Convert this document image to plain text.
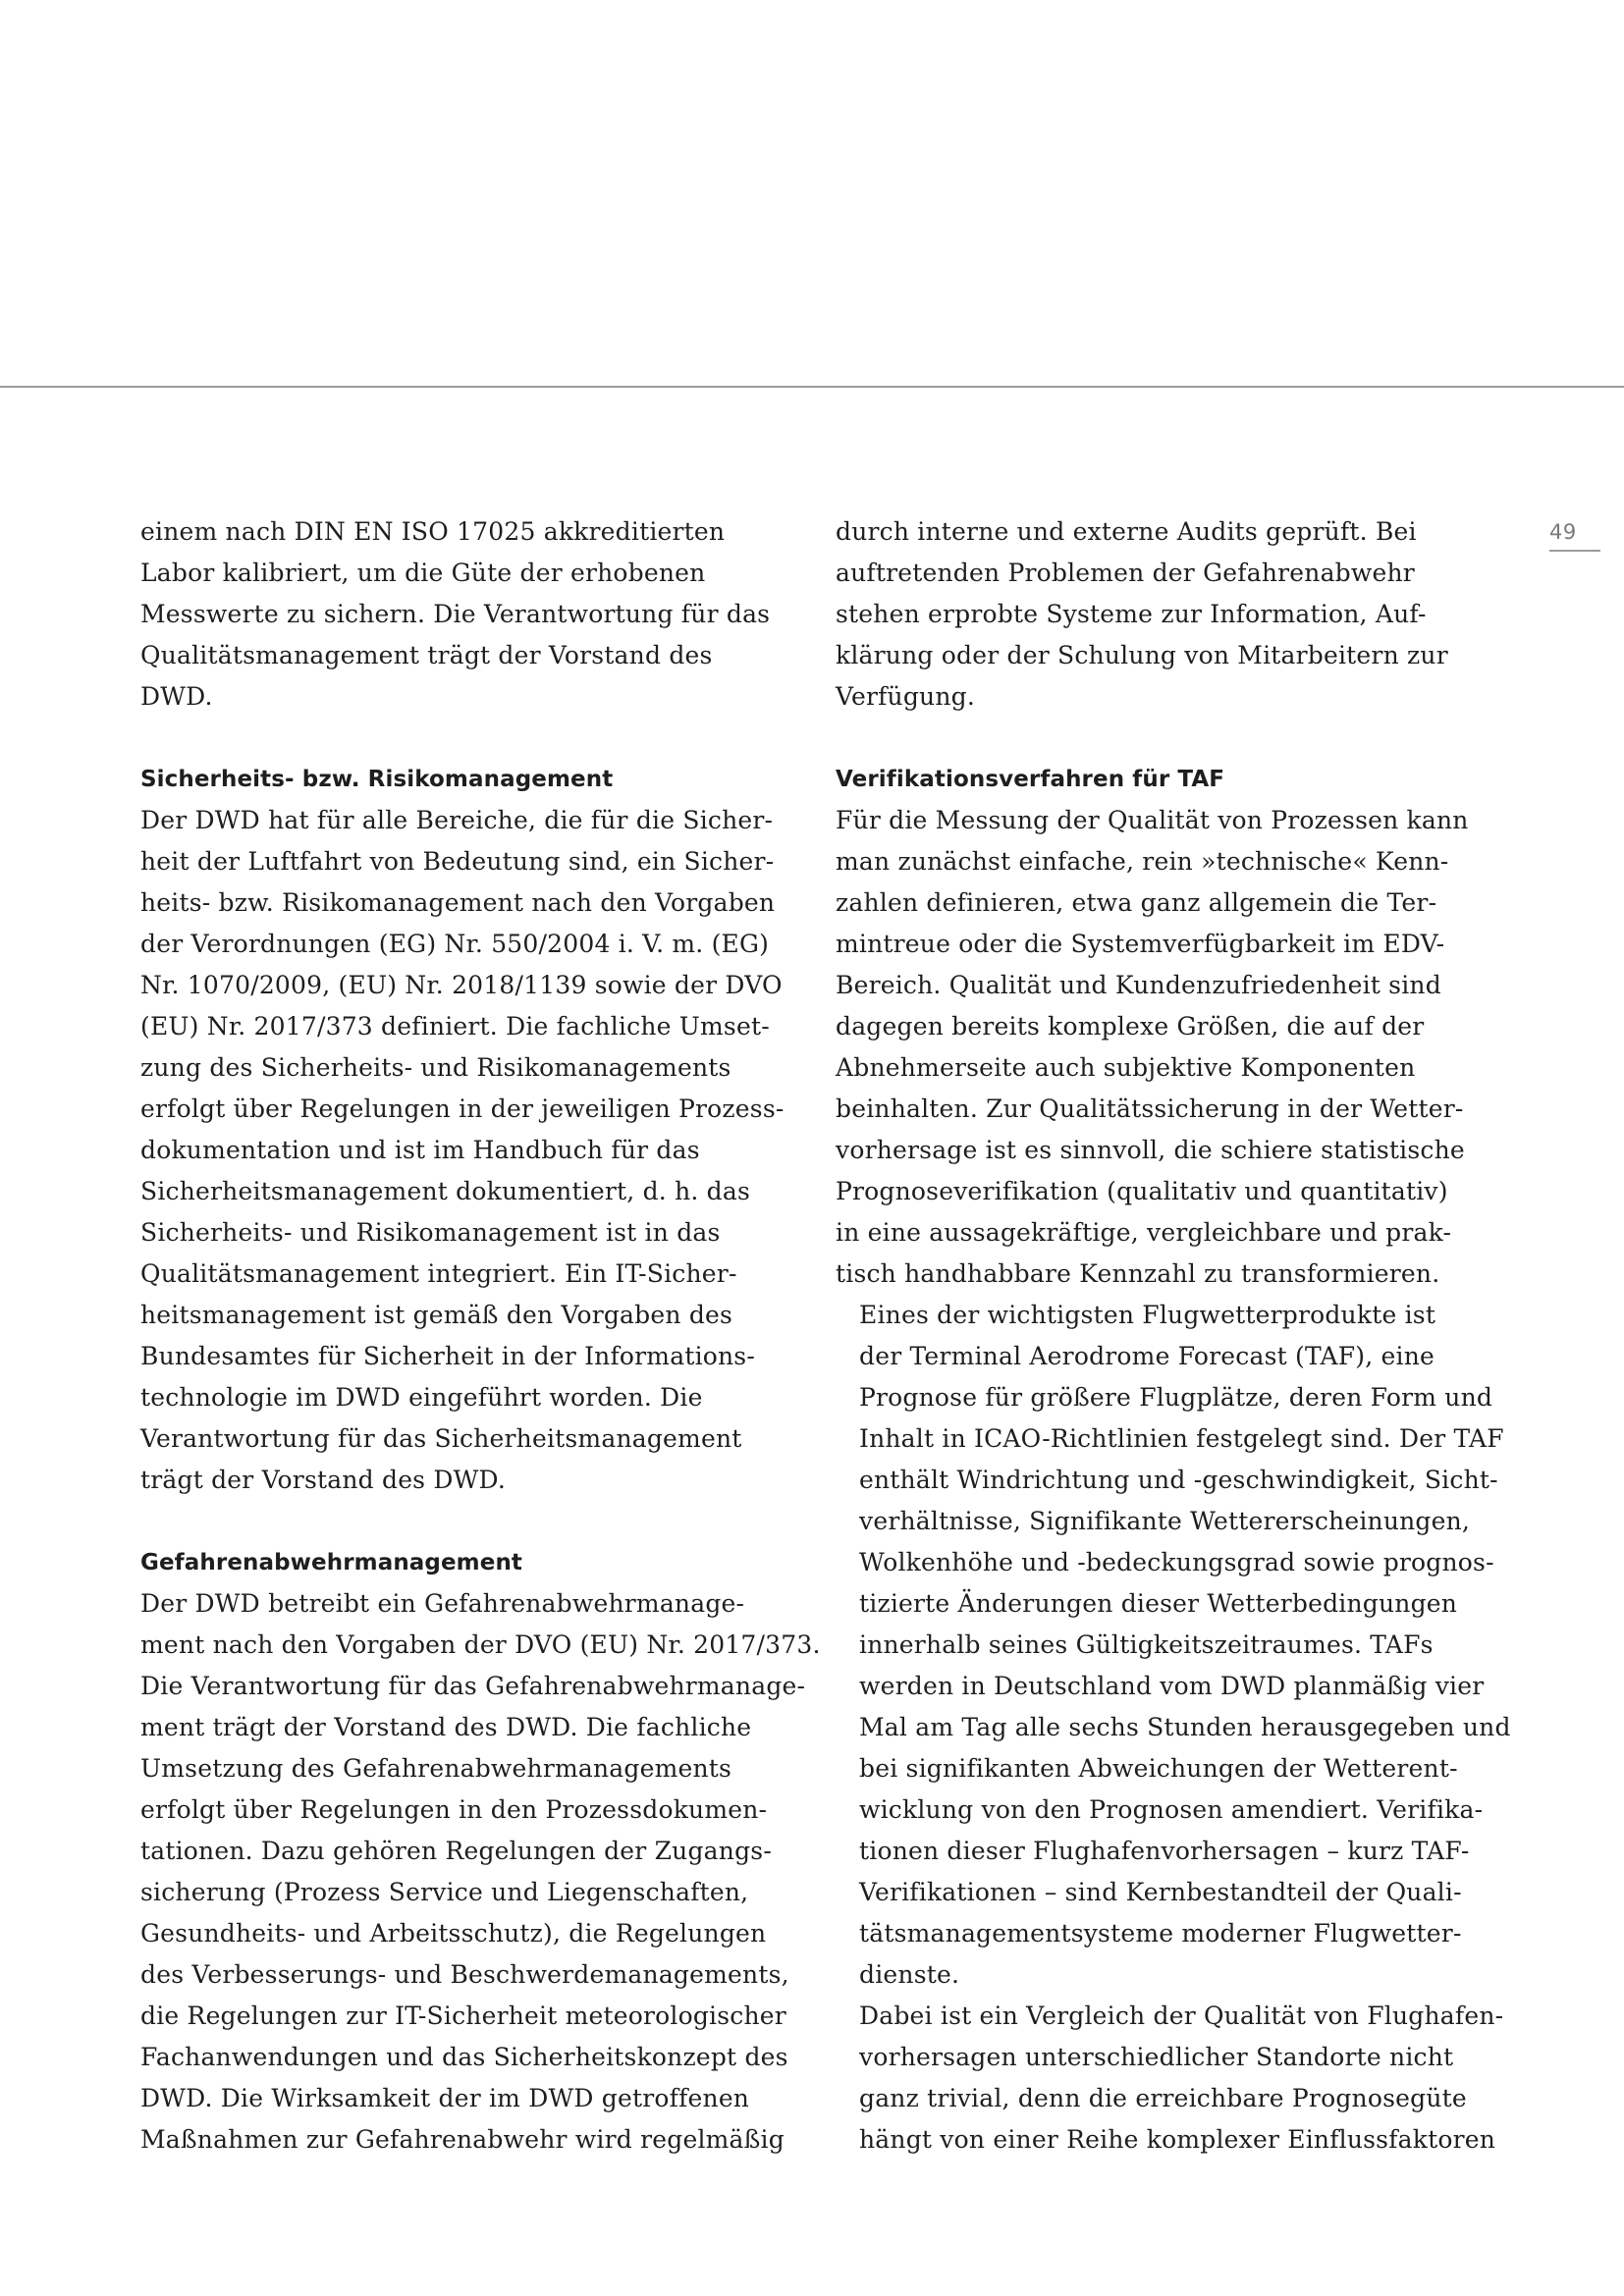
49

einem nach DIN EN ISO 17025 akkreditierten
Labor kalibriert, um die Güte der erhobenen
Messwerte zu sichern. Die Verantwortung für das
Qualitätsmanagement trägt der Vorstand des
DWD.

Sicherheits- bzw. Risikomanagement

Der DWD hat für alle Bereiche, die für die Sicher-
heit der Luftfahrt von Bedeutung sind, ein Sicher-
heits- bzw. Risikomanagement nach den Vorgaben
der Verordnungen (EG) Nr. 550/2004 i. V. m. (EG)
Nr. 1070/2009, (EU) Nr. 2018/1139 sowie der DVO
(EU) Nr. 2017/373 definiert. Die fachliche Umset-
zung des Sicherheits- und Risikomanagements
erfolgt über Regelungen in der jeweiligen Prozess-
dokumentation und ist im Handbuch für das
Sicherheitsmanagement dokumentiert, d. h. das
Sicherheits- und Risikomanagement ist in das
Qualitätsmanagement integriert. Ein IT-Sicher-
heitsmanagement ist gemäß den Vorgaben des
Bundesamtes für Sicherheit in der Informations-
technologie im DWD eingeführt worden. Die
Verantwortung für das Sicherheitsmanagement
trägt der Vorstand des DWD.

Gefahrenabwehrmanagement

Der DWD betreibt ein Gefahrenabwehrmanage-
ment nach den Vorgaben der DVO (EU) Nr. 2017/373.
Die Verantwortung für das Gefahrenabwehrmanage-
ment trägt der Vorstand des DWD. Die fachliche
Umsetzung des Gefahrenabwehrmanagements
erfolgt über Regelungen in den Prozessdokumen-
tationen. Dazu gehören Regelungen der Zugangs-
sicherung (Prozess Service und Liegenschaften,
Gesundheits- und Arbeitsschutz), die Regelungen
des Verbesserungs- und Beschwerdemanagements,
die Regelungen zur IT-Sicherheit meteorologischer
Fachanwendungen und das Sicherheitskonzept des
DWD. Die Wirksamkeit der im DWD getroffenen
Maßnahmen zur Gefahrenabwehr wird regelmäßig

durch interne und externe Audits geprüft. Bei
auftretenden Problemen der Gefahrenabwehr
stehen erprobte Systeme zur Information, Auf-
klärung oder der Schulung von Mitarbeitern zur
Verfügung.

Verifikationsverfahren für TAF

Für die Messung der Qualität von Prozessen kann
man zunächst einfache, rein »technische« Kenn-
zahlen definieren, etwa ganz allgemein die Ter-
mintreue oder die Systemverfügbarkeit im EDV-
Bereich. Qualität und Kundenzufriedenheit sind
dagegen bereits komplexe Größen, die auf der
Abnehmerseite auch subjektive Komponenten
beinhalten. Zur Qualitätssicherung in der Wetter-
vorhersage ist es sinnvoll, die schiere statistische
Prognoseverifikation (qualitativ und quantitativ)
in eine aussagekräftige, vergleichbare und prak-
tisch handhabbare Kennzahl zu transformieren.

Eines der wichtigsten Flugwetterprodukte ist
der Terminal Aerodrome Forecast (TAF), eine
Prognose für größere Flugplätze, deren Form und
Inhalt in ICAO-Richtlinien festgelegt sind. Der TAF
enthält Windrichtung und -geschwindigkeit, Sicht-
verhältnisse, Signifikante Wettererscheinungen,
Wolkenhöhe und -bedeckungsgrad sowie prognos-
tizierte Änderungen dieser Wetterbedingungen
innerhalb seines Gültigkeitszeitraumes. TAFs
werden in Deutschland vom DWD planmäßig vier
Mal am Tag alle sechs Stunden herausgegeben und
bei signifikanten Abweichungen der Wetterent-
wicklung von den Prognosen amendiert. Verifika-
tionen dieser Flughafenvorhersagen – kurz TAF-
Verifikationen – sind Kernbestandteil der Quali-
tätsmanagementsysteme moderner Flugwetter-
dienste.

Dabei ist ein Vergleich der Qualität von Flughafen-
vorhersagen unterschiedlicher Standorte nicht
ganz trivial, denn die erreichbare Prognosegüte
hängt von einer Reihe komplexer Einflussfaktoren
